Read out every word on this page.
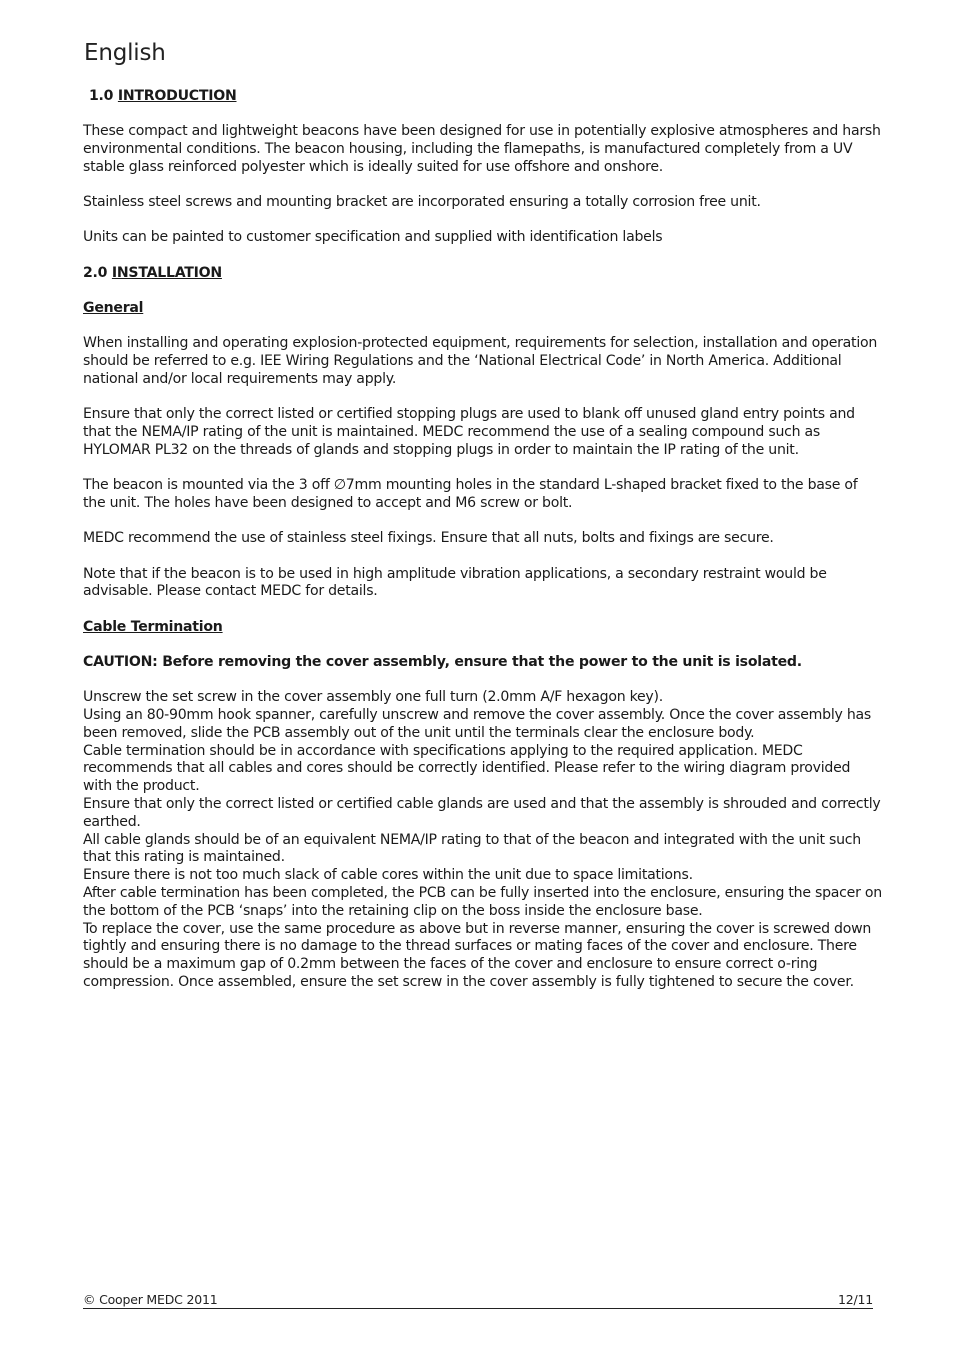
English
1.0 INTRODUCTION

These compact and lightweight beacons have been designed for use in potentially explosive atmospheres and harsh environmental conditions. The beacon housing, including the flamepaths, is manufactured completely from a UV stable glass reinforced polyester which is ideally suited for use offshore and onshore.

Stainless steel screws and mounting bracket are incorporated ensuring a totally corrosion free unit.

Units can be painted to customer specification and supplied with identification labels

2.0 INSTALLATION
General

When installing and operating explosion-protected equipment, requirements for selection, installation and operation should be referred to e.g. IEE Wiring Regulations and the ‘National Electrical Code’ in North America. Additional national and/or local requirements may apply.

Ensure that only the correct listed or certified stopping plugs are used to blank off unused gland entry points and that the NEMA/IP rating of the unit is maintained. MEDC recommend the use of a sealing compound such as HYLOMAR PL32 on the threads of glands and stopping plugs in order to maintain the IP rating of the unit.

The beacon is mounted via the 3 off ∅7mm mounting holes in the standard L-shaped bracket fixed to the base of the unit. The holes have been designed to accept and M6 screw or bolt.

MEDC recommend the use of stainless steel fixings. Ensure that all nuts, bolts and fixings are secure.

Note that if the beacon is to be used in high amplitude vibration applications, a secondary restraint would be advisable. Please contact MEDC for details.

Cable Termination

CAUTION: Before removing the cover assembly, ensure that the power to the unit is isolated.

Unscrew the set screw in the cover assembly one full turn (2.0mm A/F hexagon key).

Using an 80-90mm hook spanner, carefully unscrew and remove the cover assembly. Once the cover assembly has been removed, slide the PCB assembly out of the unit until the terminals clear the enclosure body.

Cable termination should be in accordance with specifications applying to the required application. MEDC recommends that all cables and cores should be correctly identified. Please refer to the wiring diagram provided with the product.

Ensure that only the correct listed or certified cable glands are used and that the assembly is shrouded and correctly earthed.

All cable glands should be of an equivalent NEMA/IP rating to that of the beacon and integrated with the unit such that this rating is maintained.

Ensure there is not too much slack of cable cores within the unit due to space limitations.

After cable termination has been completed, the PCB can be fully inserted into the enclosure, ensuring the spacer on the bottom of the PCB ‘snaps’ into the retaining clip on the boss inside the enclosure base.

To replace the cover, use the same procedure as above but in reverse manner, ensuring the cover is screwed down tightly and ensuring there is no damage to the thread surfaces or mating faces of the cover and enclosure. There should be a maximum gap of 0.2mm between the faces of the cover and enclosure to ensure correct o-ring compression. Once assembled, ensure the set screw in the cover assembly is fully tightened to secure the cover.

© Cooper MEDC 2011	12/11
